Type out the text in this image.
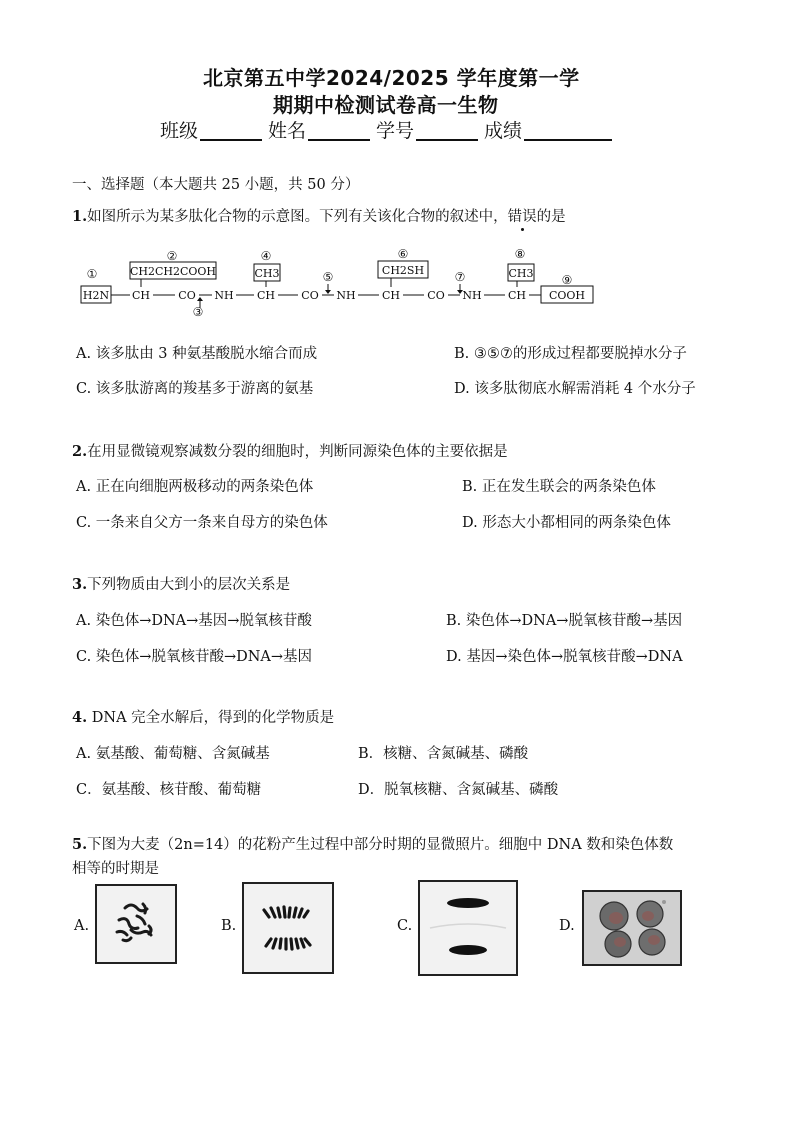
北京第五中学2024/2025 学年度第一学
期期中检测试卷高一生物
班级	姓名	学号	成绩
一、选择题（本大题共 25 小题，共 50 分）
1.如图所示为某多肽化合物的示意图。下列有关该化合物的叙述中，错误的是
①
②
③
④
⑤
⑥
⑦
⑧
⑨
H2N
CH2CH2COOH	CH3	CH2SH	CH3
COOH
CH	CO NH CH CO NH CH CO NH CH
A. 该多肽由 3 种氨基酸脱水缩合而成	B. ③⑤⑦的形成过程都要脱掉水分子
C. 该多肽游离的羧基多于游离的氨基	D. 该多肽彻底水解需消耗 4 个水分子
2.在用显微镜观察减数分裂的细胞时，判断同源染色体的主要依据是
A. 正在向细胞两极移动的两条染色体	B. 正在发生联会的两条染色体
C. 一条来自父方一条来自母方的染色体	D. 形态大小都相同的两条染色体
3.下列物质由大到小的层次关系是
A. 染色体→DNA→基因→脱氧核苷酸	B. 染色体→DNA→脱氧核苷酸→基因
C. 染色体→脱氧核苷酸→DNA→基因	D. 基因→染色体→脱氧核苷酸→DNA
4. DNA 完全水解后，得到的化学物质是
A. 氨基酸、葡萄糖、含氮碱基	B．核糖、含氮碱基、磷酸
C．氨基酸、核苷酸、葡萄糖	D．脱氧核糖、含氮碱基、磷酸
5.下图为大麦（2n=14）的花粉产生过程中部分时期的显微照片。细胞中 DNA 数和染色体数
相等的时期是
A.	B.	C.	D.
